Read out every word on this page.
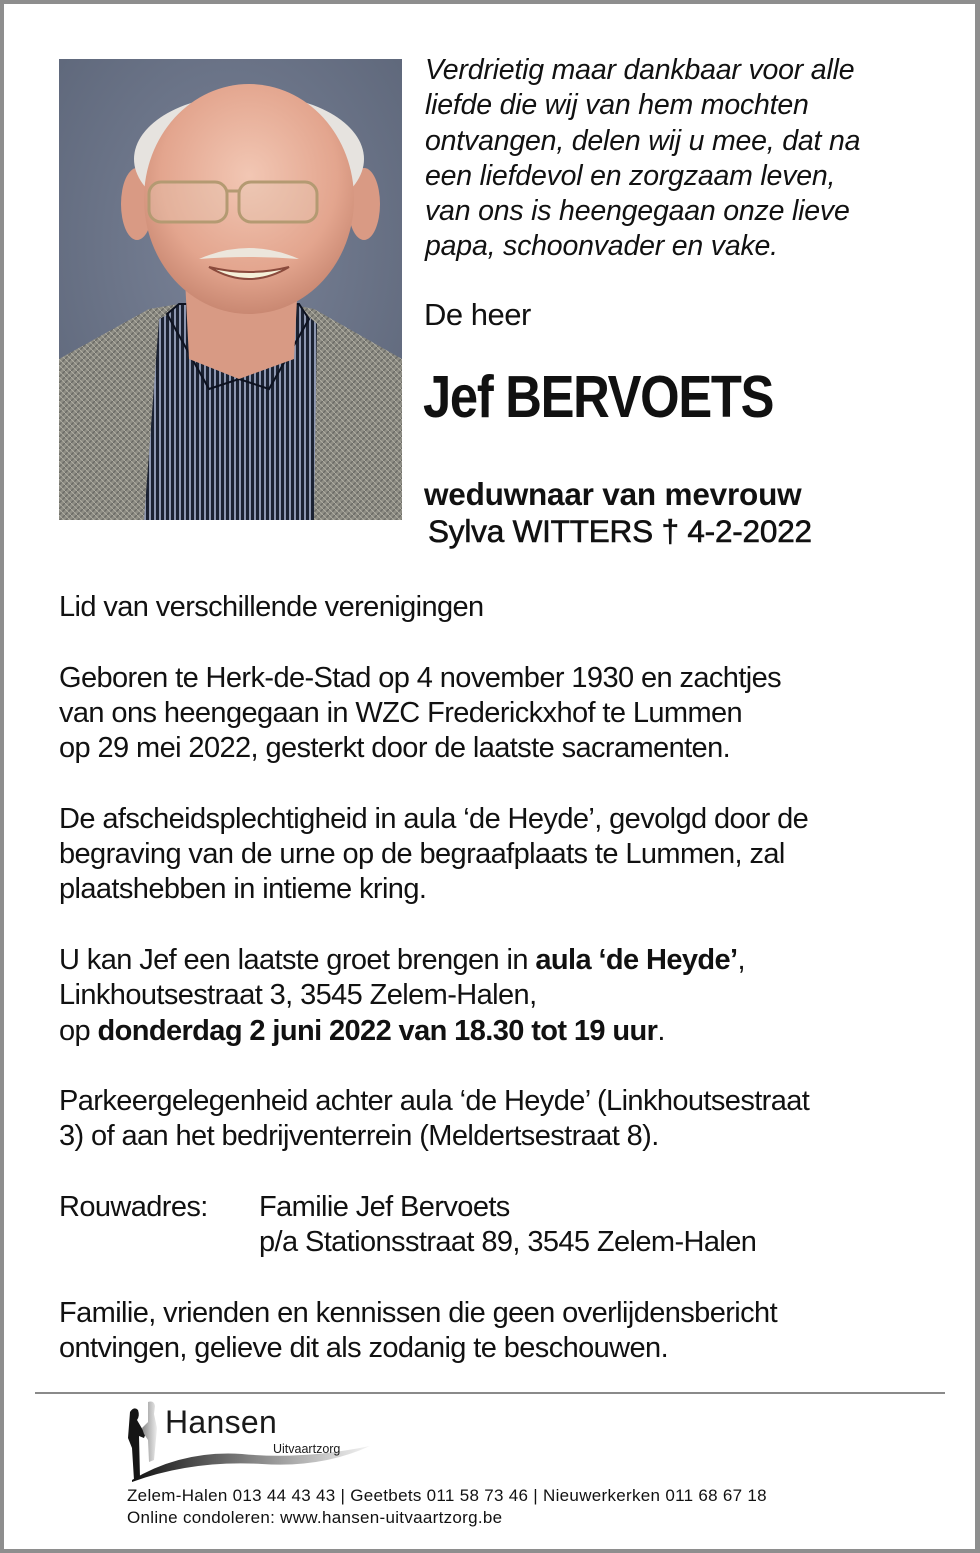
Verdrietig maar dankbaar voor alle
liefde die wij van hem mochten
ontvangen, delen wij u mee, dat na
een liefdevol en zorgzaam leven,
van ons is heengegaan onze lieve
papa, schoonvader en vake.
De heer
Jef BERVOETS
weduwnaar van mevrouw
Sylva WITTERS † 4-2-2022
Lid van verschillende verenigingen
Geboren te Herk-de-Stad op 4 november 1930 en zachtjes
van ons heengegaan in WZC Frederickxhof te Lummen
op 29 mei 2022, gesterkt door de laatste sacramenten.
De afscheidsplechtigheid in aula ‘de Heyde’, gevolgd door de
begraving van de urne op de begraafplaats te Lummen, zal
plaatshebben in intieme kring.
U kan Jef een laatste groet brengen in aula ‘de Heyde’,
Linkhoutsestraat 3, 3545 Zelem-Halen,
op donderdag 2 juni 2022 van 18.30 tot 19 uur.
Parkeergelegenheid achter aula ‘de Heyde’ (Linkhoutsestraat
3) of aan het bedrijventerrein (Meldertsestraat 8).
Rouwadres:	Familie Jef Bervoets
p/a Stationsstraat 89, 3545 Zelem-Halen
Familie, vrienden en kennissen die geen overlijdensbericht
ontvingen, gelieve dit als zodanig te beschouwen.
Hansen
Uitvaartzorg
Zelem-Halen 013 44 43 43 | Geetbets 011 58 73 46 | Nieuwerkerken 011 68 67 18
Online condoleren: www.hansen-uitvaartzorg.be
